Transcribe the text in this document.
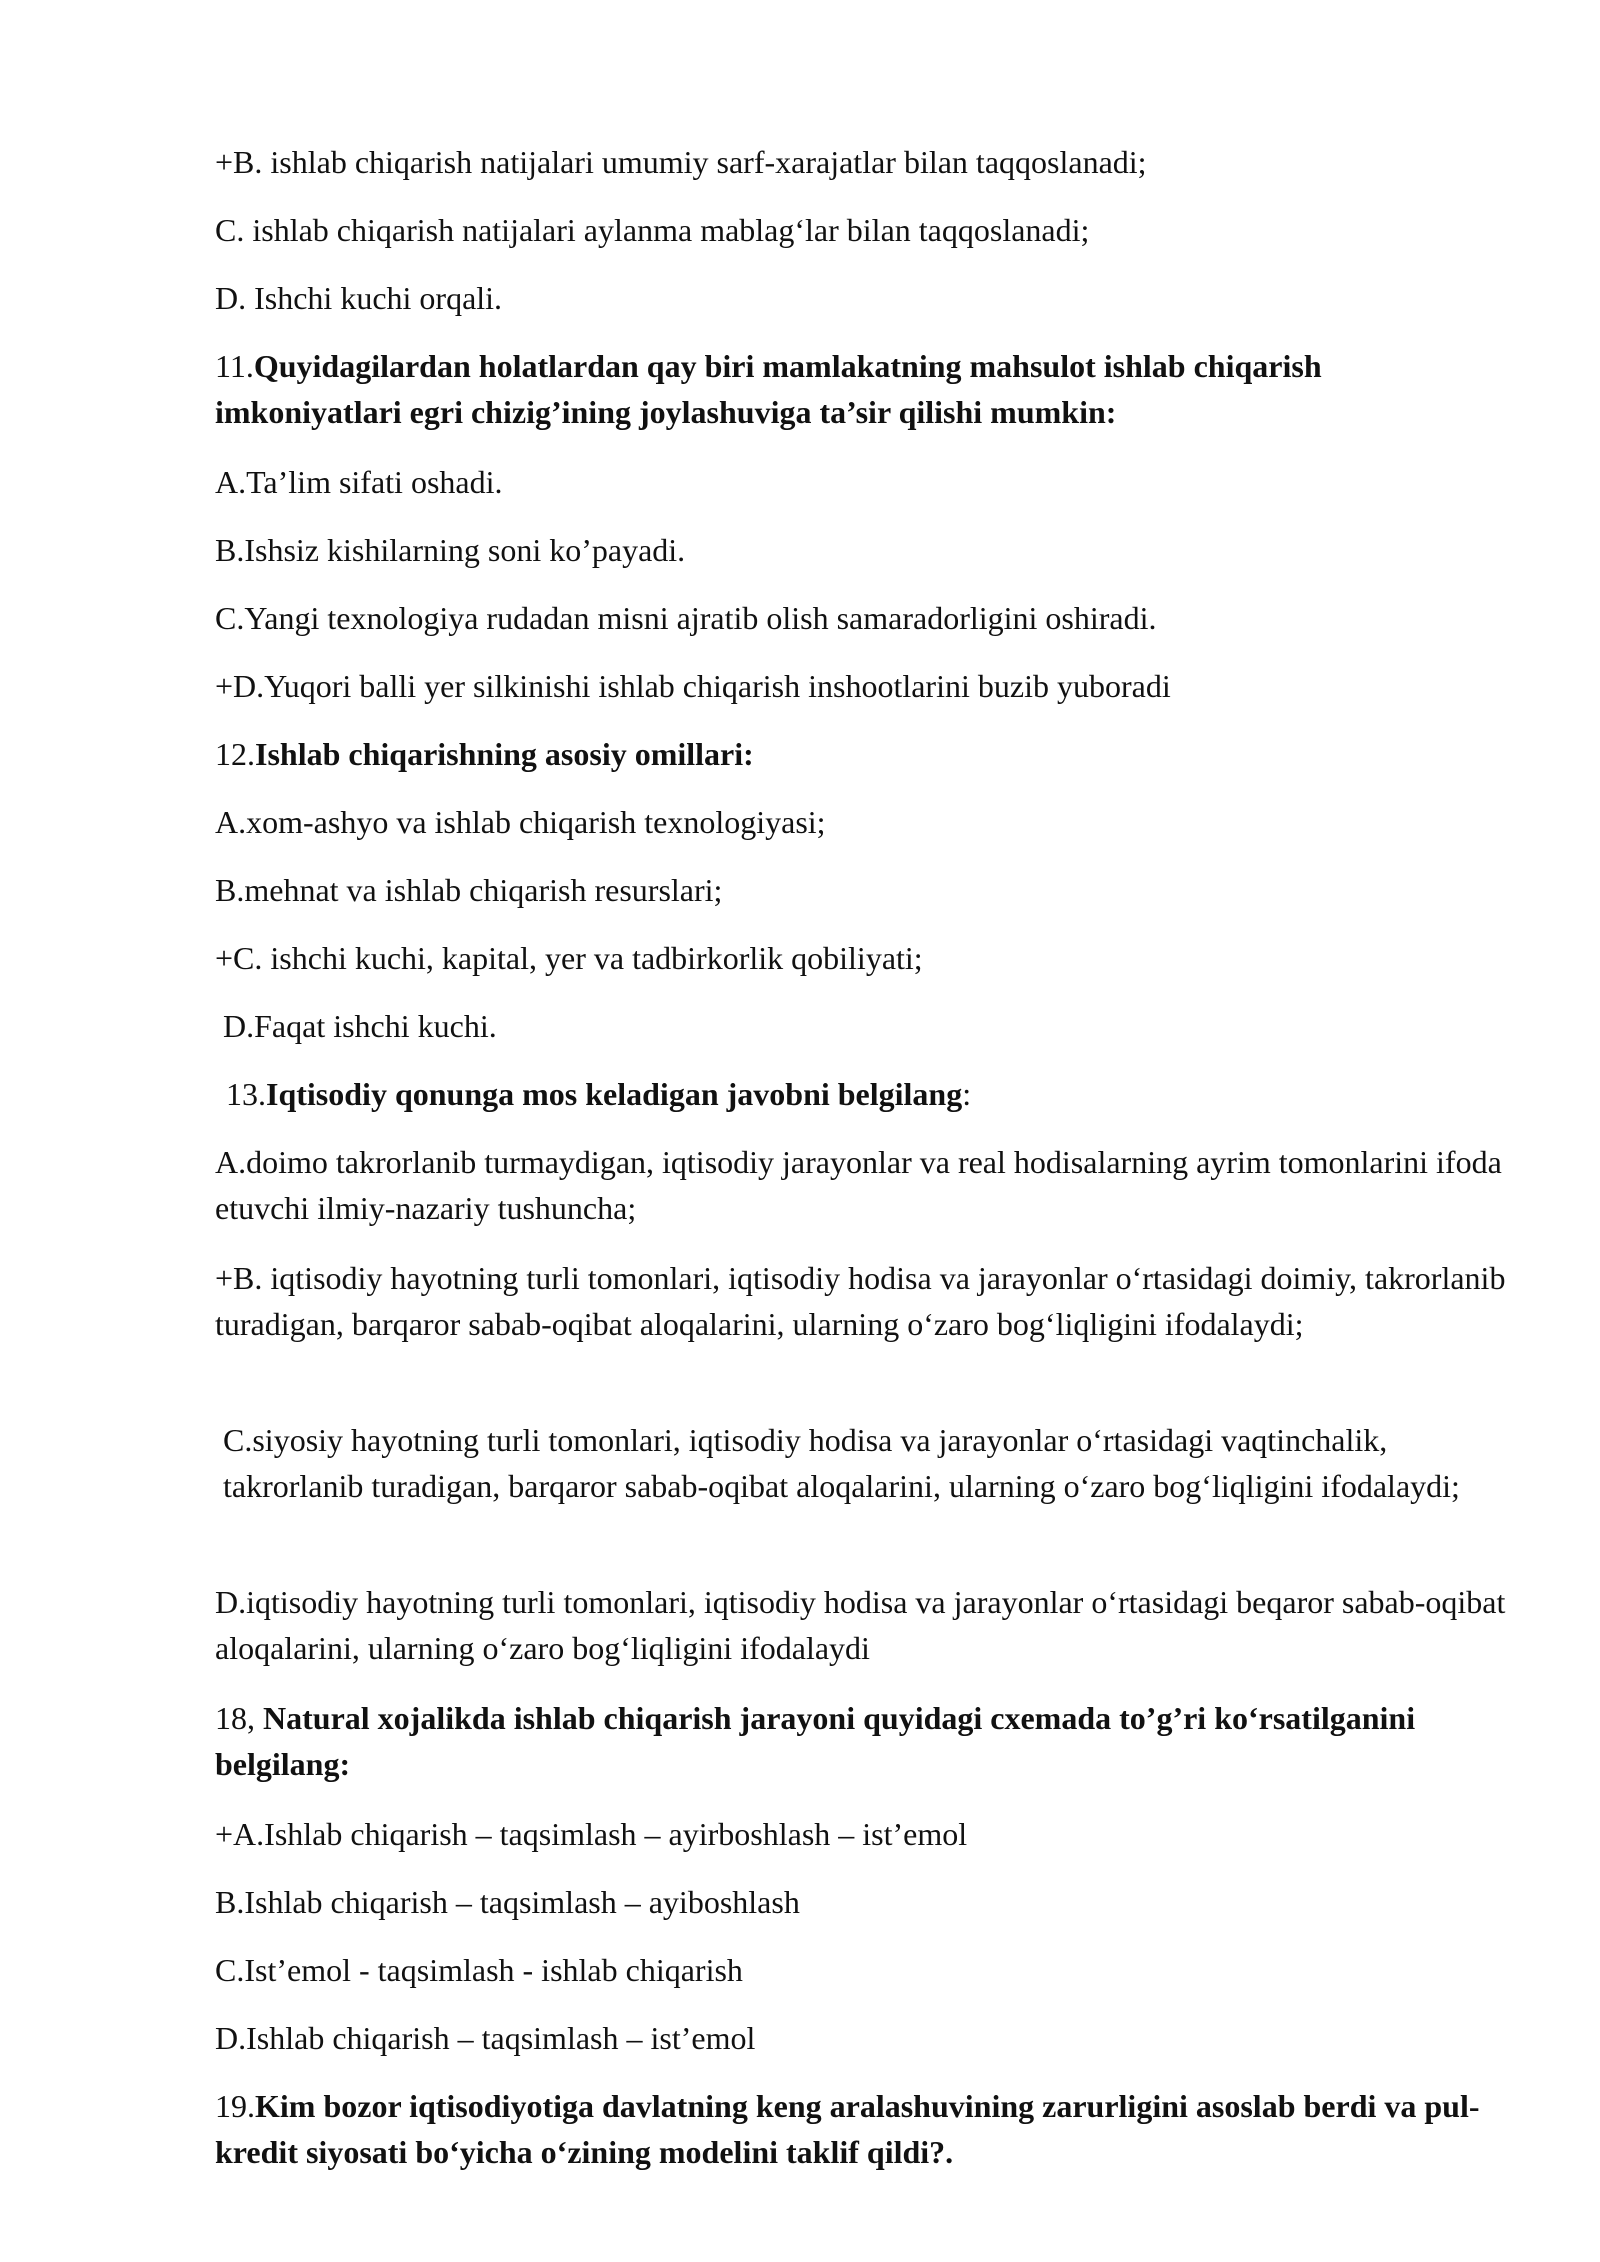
+B. ishlab chiqarish natijalari umumiy sarf-xarajatlar bilan taqqoslanadi;
C. ishlab chiqarish natijalari aylanma mablag‘lar bilan taqqoslanadi;
D. Ishchi kuchi orqali.
11.Quyidagilardan holatlardan qay biri mamlakatning mahsulot ishlab chiqarish imkoniyatlari egri chizig’ining joylashuviga ta’sir qilishi mumkin:
A.Ta’lim sifati oshadi.
B.Ishsiz kishilarning soni ko’payadi.
C.Yangi texnologiya rudadan misni ajratib olish samaradorligini oshiradi.
+D.Yuqori balli yer silkinishi ishlab chiqarish inshootlarini buzib yuboradi
12.Ishlab chiqarishning asosiy omillari:
A.xom-ashyo va ishlab chiqarish texnologiyasi;
B.mehnat va ishlab chiqarish resurslari;
+C. ishchi kuchi, kapital, yer va tadbirkorlik qobiliyati;
D.Faqat ishchi kuchi.
13.Iqtisodiy qonunga mos keladigan javobni belgilang:
A.doimo takrorlanib turmaydigan, iqtisodiy jarayonlar va real hodisalarning ayrim tomonlarini ifoda etuvchi ilmiy-nazariy tushuncha;
+B. iqtisodiy hayotning turli tomonlari, iqtisodiy hodisa va jarayonlar o‘rtasidagi doimiy, takrorlanib turadigan, barqaror sabab-oqibat aloqalarini, ularning o‘zaro bog‘liqligini ifodalaydi;
C.siyosiy hayotning turli tomonlari, iqtisodiy hodisa va jarayonlar o‘rtasidagi vaqtinchalik, takrorlanib turadigan, barqaror sabab-oqibat aloqalarini, ularning o‘zaro bog‘liqligini ifodalaydi;
D.iqtisodiy hayotning turli tomonlari, iqtisodiy hodisa va jarayonlar o‘rtasidagi beqaror sabab-oqibat aloqalarini, ularning o‘zaro bog‘liqligini ifodalaydi
18, Natural xojalikda ishlab chiqarish jarayoni quyidagi cxemada to’g’ri ko‘rsatilganini belgilang:
+A.Ishlab chiqarish – taqsimlash – ayirboshlash – ist’emol
B.Ishlab chiqarish – taqsimlash – ayiboshlash
C.Ist’emol - taqsimlash - ishlab chiqarish
D.Ishlab chiqarish – taqsimlash – ist’emol
19.Kim bozor iqtisodiyotiga davlatning keng aralashuvining zarurligini asoslab berdi va pul-kredit siyosati bo‘yicha o‘zining modelini taklif qildi?.
